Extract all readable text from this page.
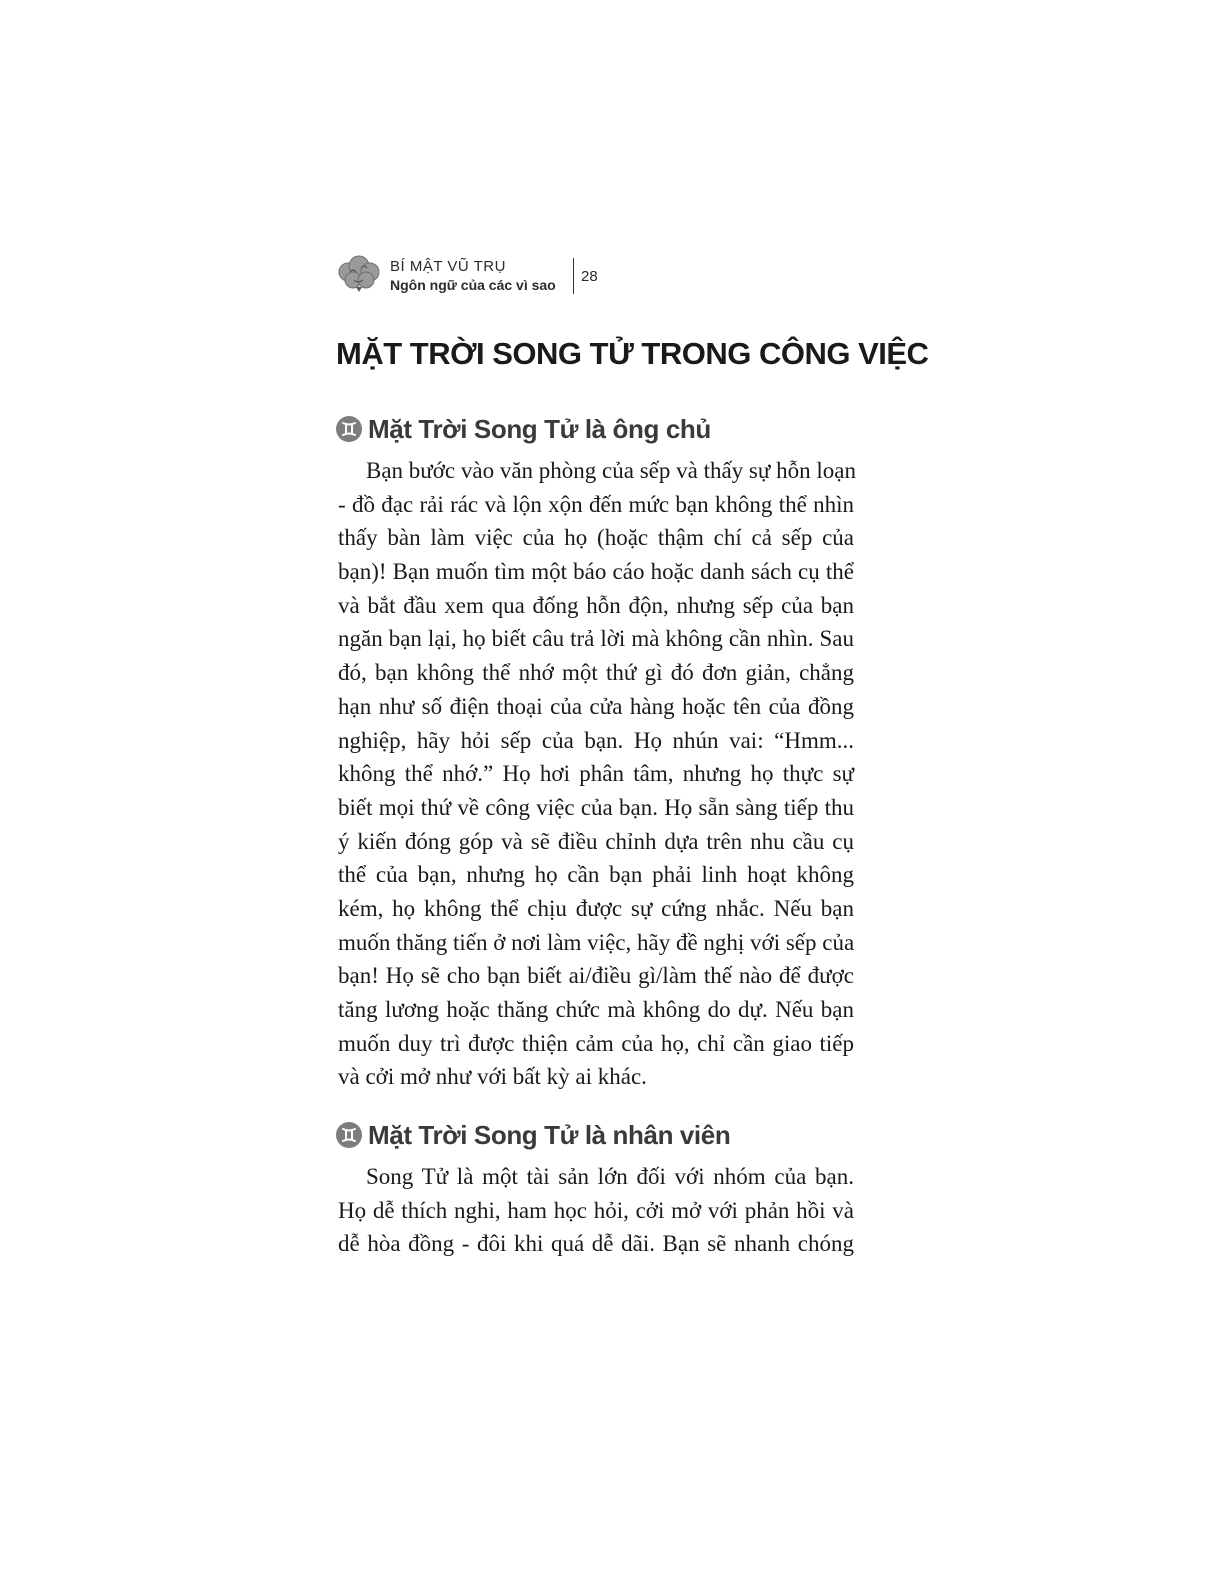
BÍ MẬT VŨ TRỤ
Ngôn ngữ của các vì sao 28
MẶT TRỜI SONG TỬ TRONG CÔNG VIỆC
Mặt Trời Song Tử là ông chủ
Bạn bước vào văn phòng của sếp và thấy sự hỗn loạn
- đồ đạc rải rác và lộn xộn đến mức bạn không thể nhìn
thấy bàn làm việc của họ (hoặc thậm chí cả sếp của
bạn)! Bạn muốn tìm một báo cáo hoặc danh sách cụ thể
và bắt đầu xem qua đống hỗn độn, nhưng sếp của bạn
ngăn bạn lại, họ biết câu trả lời mà không cần nhìn. Sau
đó, bạn không thể nhớ một thứ gì đó đơn giản, chẳng
hạn như số điện thoại của cửa hàng hoặc tên của đồng
nghiệp, hãy hỏi sếp của bạn. Họ nhún vai: “Hmm...
không thể nhớ.” Họ hơi phân tâm, nhưng họ thực sự
biết mọi thứ về công việc của bạn. Họ sẵn sàng tiếp thu
ý kiến đóng góp và sẽ điều chỉnh dựa trên nhu cầu cụ
thể của bạn, nhưng họ cần bạn phải linh hoạt không
kém, họ không thể chịu được sự cứng nhắc. Nếu bạn
muốn thăng tiến ở nơi làm việc, hãy đề nghị với sếp của
bạn! Họ sẽ cho bạn biết ai/điều gì/làm thế nào để được
tăng lương hoặc thăng chức mà không do dự. Nếu bạn
muốn duy trì được thiện cảm của họ, chỉ cần giao tiếp
và cởi mở như với bất kỳ ai khác.
Mặt Trời Song Tử là nhân viên
Song Tử là một tài sản lớn đối với nhóm của bạn.
Họ dễ thích nghi, ham học hỏi, cởi mở với phản hồi và
dễ hòa đồng - đôi khi quá dễ dãi. Bạn sẽ nhanh chóng
